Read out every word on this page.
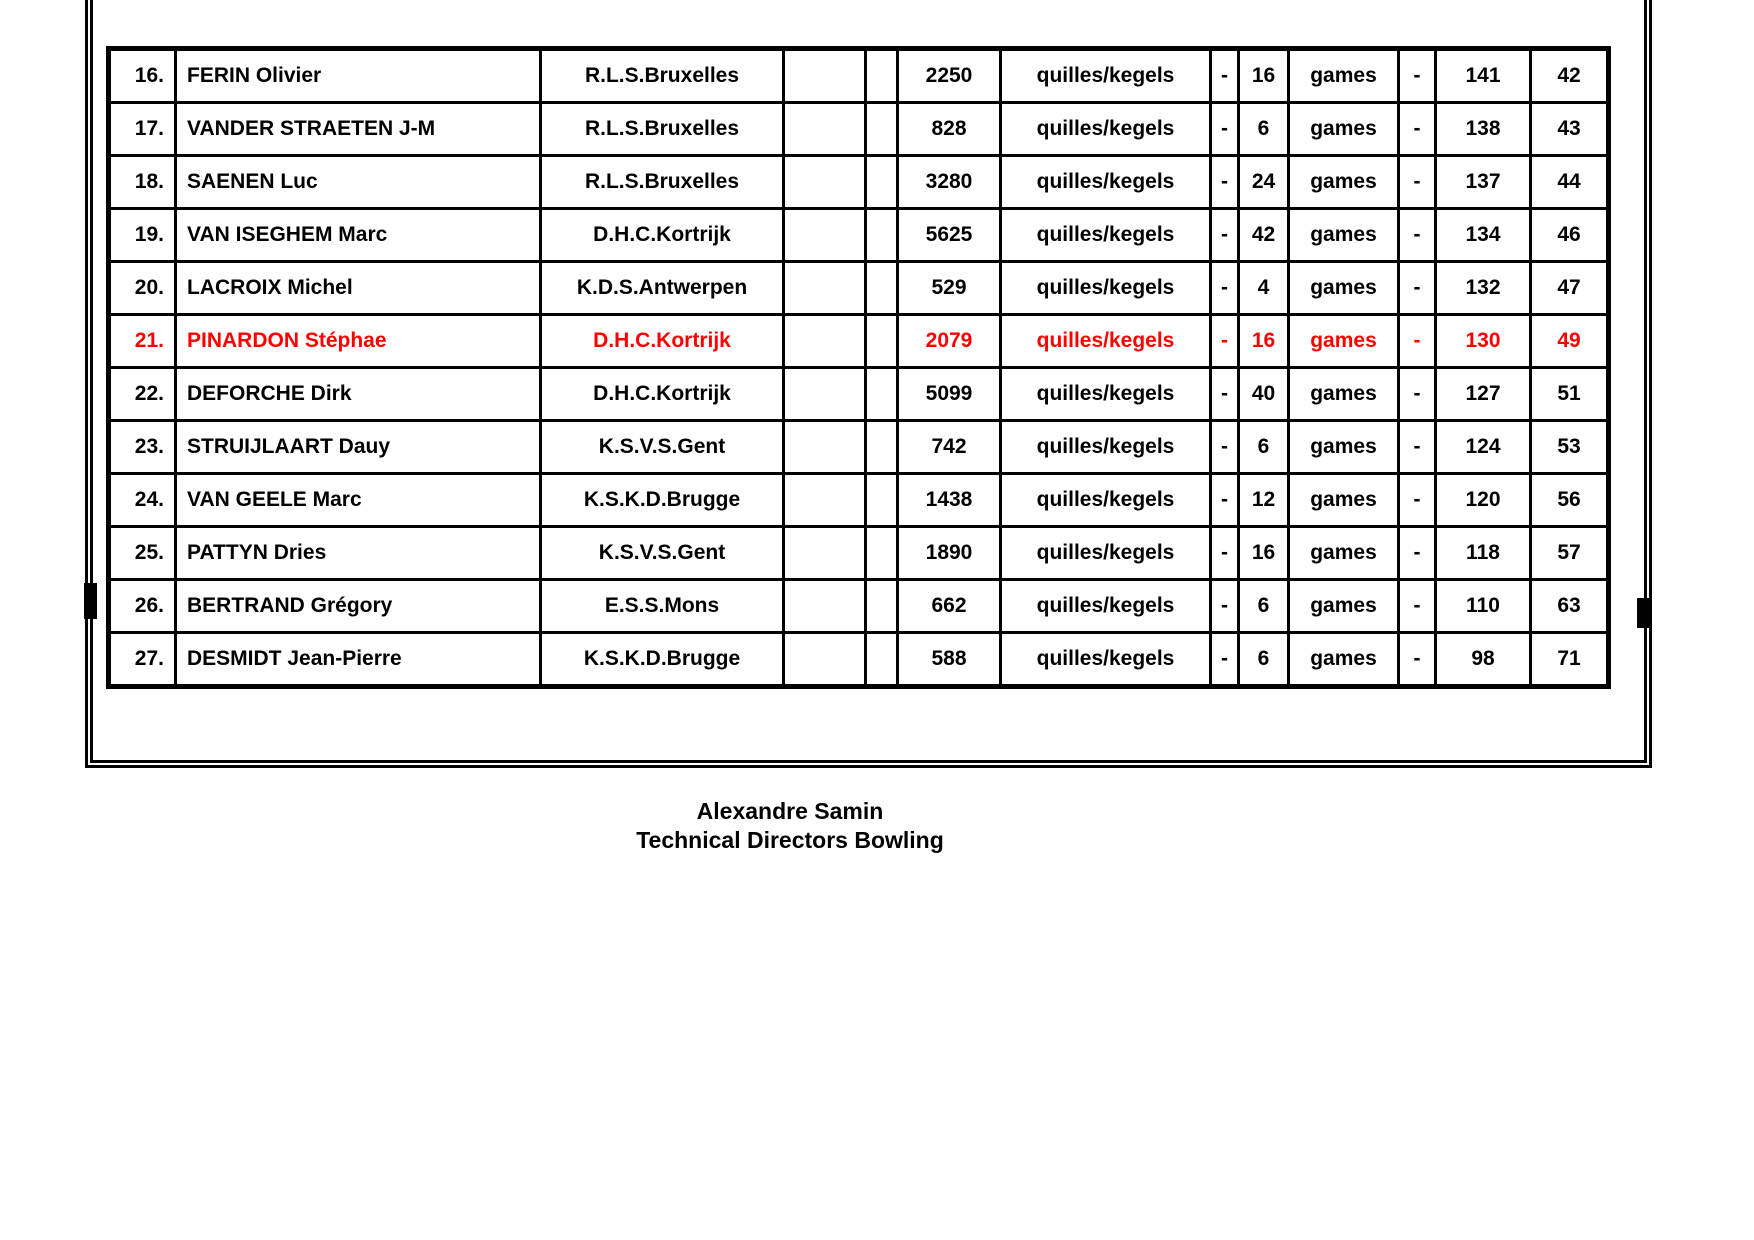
16.	FERIN Olivier	R.L.S.Bruxelles			2250	quilles/kegels	-	16	games	-	141	42
17.	VANDER STRAETEN J-M	R.L.S.Bruxelles			828	quilles/kegels	-	6	games	-	138	43
18.	SAENEN Luc	R.L.S.Bruxelles			3280	quilles/kegels	-	24	games	-	137	44
19.	VAN ISEGHEM Marc	D.H.C.Kortrijk			5625	quilles/kegels	-	42	games	-	134	46
20.	LACROIX Michel	K.D.S.Antwerpen			529	quilles/kegels	-	4	games	-	132	47
21.	PINARDON Stéphae	D.H.C.Kortrijk			2079	quilles/kegels	-	16	games	-	130	49
22.	DEFORCHE Dirk	D.H.C.Kortrijk			5099	quilles/kegels	-	40	games	-	127	51
23.	STRUIJLAART Dauy	K.S.V.S.Gent			742	quilles/kegels	-	6	games	-	124	53
24.	VAN GEELE Marc	K.S.K.D.Brugge			1438	quilles/kegels	-	12	games	-	120	56
25.	PATTYN Dries	K.S.V.S.Gent			1890	quilles/kegels	-	16	games	-	118	57
26.	BERTRAND Grégory	E.S.S.Mons			662	quilles/kegels	-	6	games	-	110	63
27.	DESMIDT Jean-Pierre	K.S.K.D.Brugge			588	quilles/kegels	-	6	games	-	98	71
Alexandre Samin
Technical Directors Bowling
